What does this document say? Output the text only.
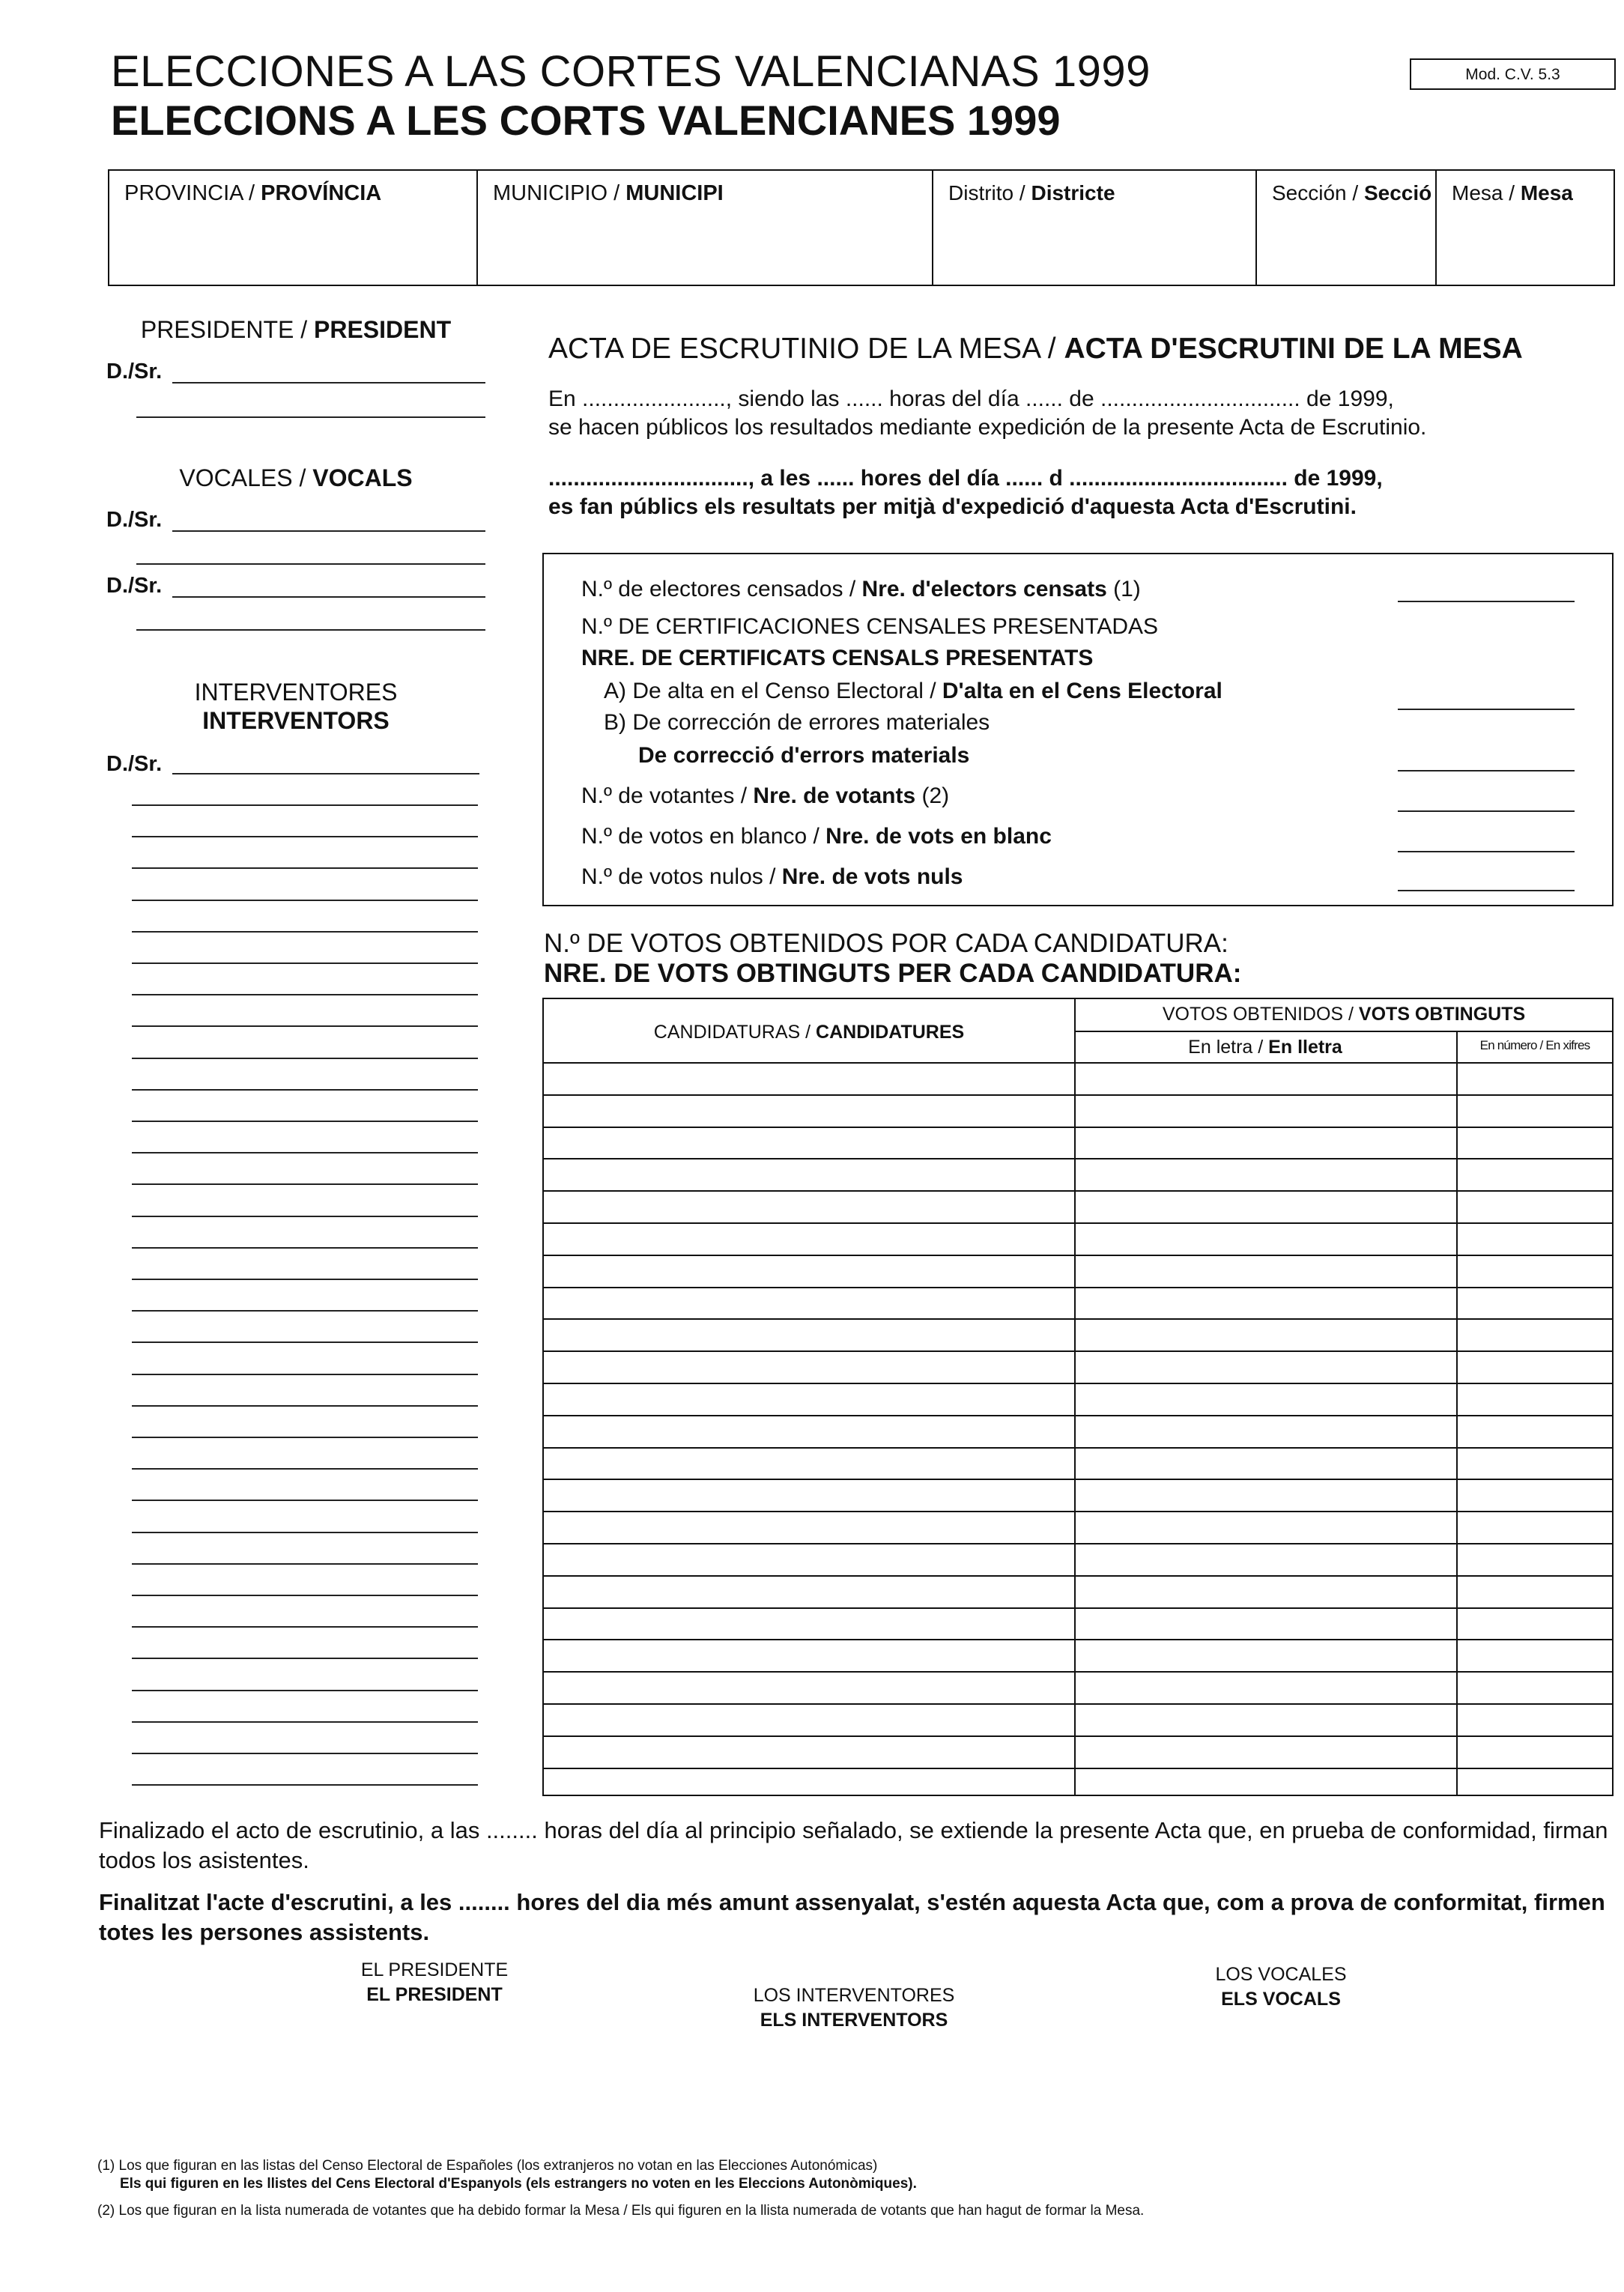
ELECCIONES A LAS CORTES VALENCIANAS 1999
ELECCIONS A LES CORTS VALENCIANES 1999
Mod. C.V. 5.3
PROVINCIA / PROVÍNCIA	MUNICIPIO / MUNICIPI	Distrito / Districte	Sección / Secció Mesa / Mesa
PRESIDENTE / PRESIDENT
D./Sr.
VOCALES / VOCALS
D./Sr.
D./Sr.
INTERVENTORES
INTERVENTORS
D./Sr.
ACTA DE ESCRUTINIO DE LA MESA / ACTA D'ESCRUTINI DE LA MESA
En ......................., siendo las ...... horas del día ...... de ................................ de 1999,
se hacen públicos los resultados mediante expedición de la presente Acta de Escrutinio.
................................, a les ...... hores del día ...... d ................................... de 1999,
es fan públics els resultats per mitjà d'expedició d'aquesta Acta d'Escrutini.
N.º de electores censados / Nre. d'electors censats (1)
N.º DE CERTIFICACIONES CENSALES PRESENTADAS
NRE. DE CERTIFICATS CENSALS PRESENTATS
A) De alta en el Censo Electoral / D'alta en el Cens Electoral
B) De corrección de errores materiales
De correcció d'errors materials
N.º de votantes / Nre. de votants (2)
N.º de votos en blanco / Nre. de vots en blanc
N.º de votos nulos / Nre. de vots nuls
N.º DE VOTOS OBTENIDOS POR CADA CANDIDATURA:
NRE. DE VOTS OBTINGUTS PER CADA CANDIDATURA:
CANDIDATURAS / CANDIDATURES
VOTOS OBTENIDOS / VOTS OBTINGUTS
En letra / En lletra	En número / En xifres
Finalizado el acto de escrutinio, a las ........ horas del día al principio señalado, se extiende la presente Acta que, en prueba de conformidad, firman todos los asistentes.
Finalitzat l'acte d'escrutini, a les ........ hores del dia més amunt assenyalat, s'estén aquesta Acta que, com a prova de conformitat, firmen totes les persones assistents.
EL PRESIDENTE
EL PRESIDENT	LOS INTERVENTORES
ELS INTERVENTORS
LOS VOCALES
ELS VOCALS
(1) Los que figuran en las listas del Censo Electoral de Españoles (los extranjeros no votan en las Elecciones Autonómicas)
Els qui figuren en les llistes del Cens Electoral d'Espanyols (els estrangers no voten en les Eleccions Autonòmiques).
(2) Los que figuran en la lista numerada de votantes que ha debido formar la Mesa / Els qui figuren en la llista numerada de votants que han hagut de formar la Mesa.
